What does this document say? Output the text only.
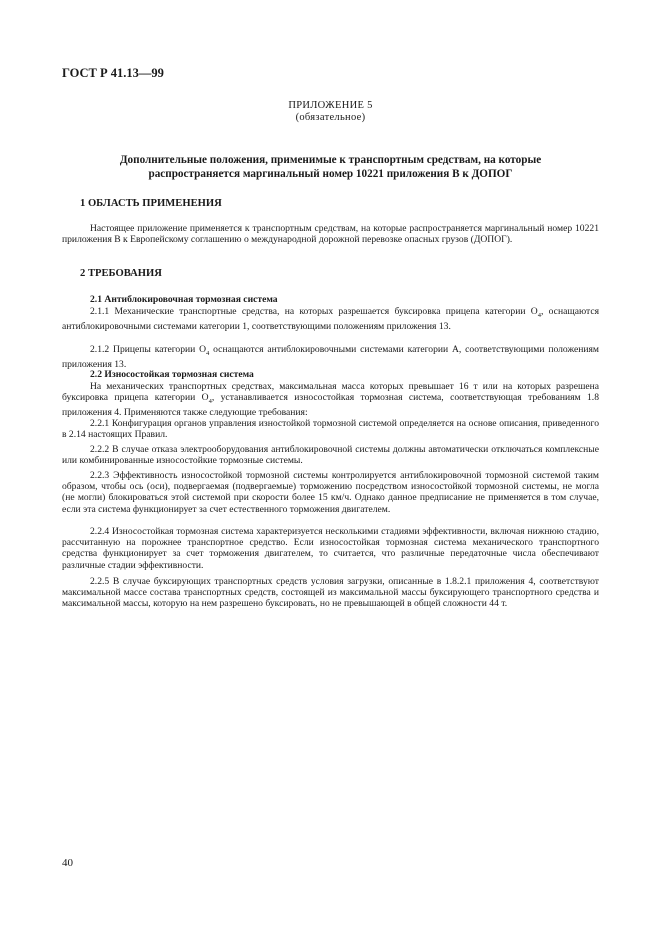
ГОСТ Р 41.13—99
ПРИЛОЖЕНИЕ 5
(обязательное)
Дополнительные положения, применимые к транспортным средствам, на которые
распространяется маргинальный номер 10221 приложения В к ДОПОГ
1 ОБЛАСТЬ ПРИМЕНЕНИЯ

Настоящее приложение применяется к транспортным средствам, на которые распространяется маргинальный номер 10221 приложения В к Европейскому соглашению о международной дорожной перевозке опасных грузов (ДОПОГ).

2 ТРЕБОВАНИЯ
2.1 Антиблокировочная тормозная система

2.1.1 Механические транспортные средства, на которых разрешается буксировка прицепа категории $O_4$, оснащаются антиблокировочными системами категории 1, соответствующими положениям приложения 13.

2.1.2 Прицепы категории $O_4$ оснащаются антиблокировочными системами категории А, соответствующими положениям приложения 13.

2.2 Износостойкая тормозная система

На механических транспортных средствах, максимальная масса которых превышает 16 т или на которых разрешена буксировка прицепа категории $O_4$, устанавливается износостойкая тормозная система, соответствующая требованиям 1.8 приложения 4. Применяются также следующие требования:

2.2.1 Конфигурация органов управления изностойкой тормозной системой определяется на основе описания, приведенного в 2.14 настоящих Правил.

2.2.2 В случае отказа электрооборудования антиблокировочной системы должны автоматически отключаться комплексные или комбинированные износостойкие тормозные системы.

2.2.3 Эффективность износостойкой тормозной системы контролируется антиблокировочной тормозной системой таким образом, чтобы ось (оси), подвергаемая (подвергаемые) торможению посредством износостойкой тормозной системы, не могла (не могли) блокироваться этой системой при скорости более 15 км/ч. Однако данное предписание не применяется в том случае, если эта система функционирует за счет естественного торможения двигателем.

2.2.4 Износостойкая тормозная система характеризуется несколькими стадиями эффективности, включая нижнюю стадию, рассчитанную на порожнее транспортное средство. Если износостойкая тормозная система механического транспортного средства функционирует за счет торможения двигателем, то считается, что различные передаточные числа обеспечивают различные стадии эффективности.

2.2.5 В случае буксирующих транспортных средств условия загрузки, описанные в 1.8.2.1 приложения 4, соответствуют максимальной массе состава транспортных средств, состоящей из максимальной массы буксирующего транспортного средства и максимальной массы, которую на нем разрешено буксировать, но не превышающей в общей сложности 44 т.

40
